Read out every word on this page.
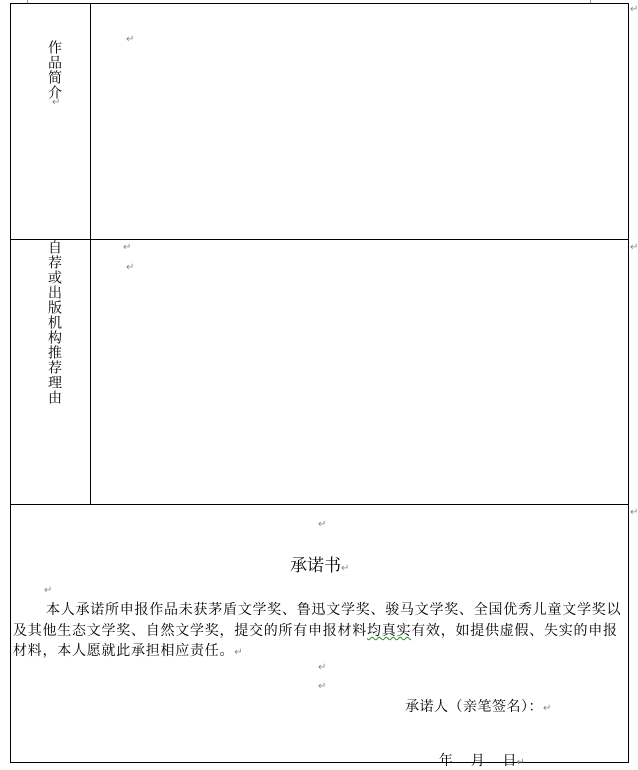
作品简介
↵
↵
↵
自荐或出版机构推荐理由	↵
↵
↵
↵
↵
承诺书↵
↵
本人承诺所申报作品未获茅盾文学奖、鲁迅文学奖、骏马文学奖、全国优秀儿童文学奖以
及其他生态文学奖、自然文学奖，提交的所有申报材料均真实有效，如提供虚假、失实的申报
材料，本人愿就此承担相应责任。↵
↵
↵
承诺人（亲笔签名）：↵

年    月    日↵
